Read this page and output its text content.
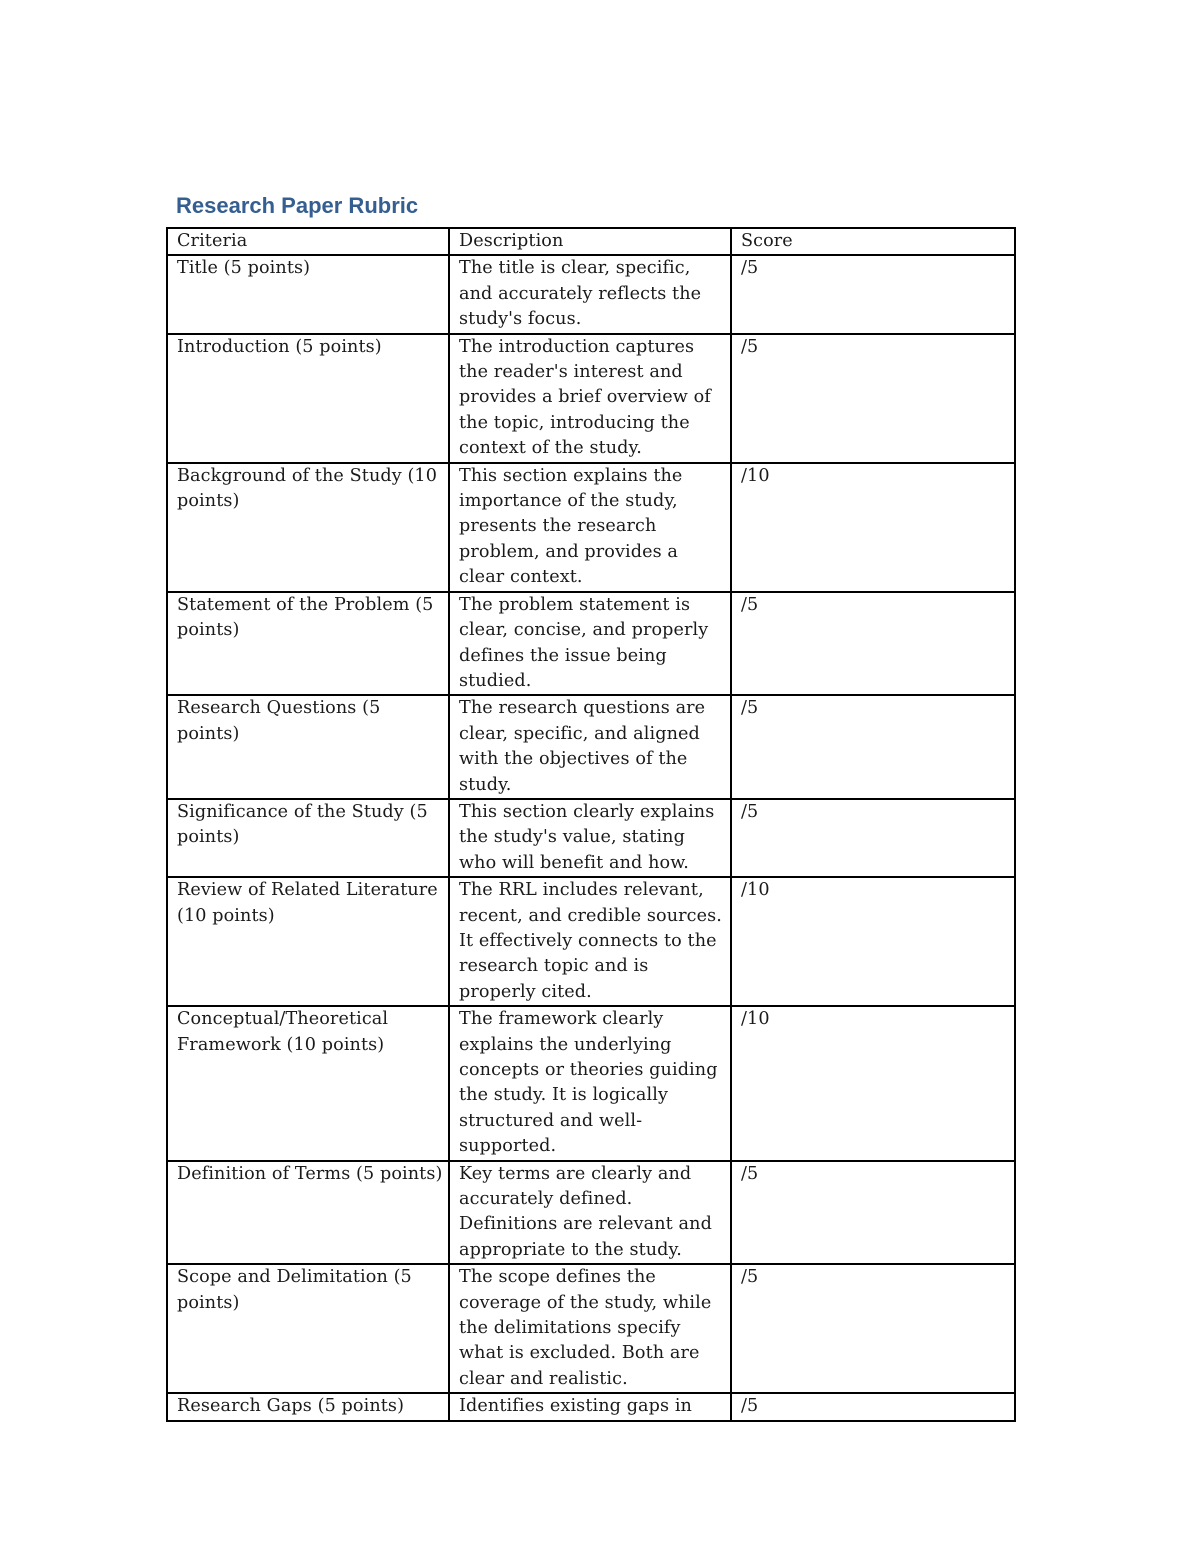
Research Paper Rubric
Criteria	Description	Score
Title (5 points)	The title is clear, specific, and accurately reflects the study's focus.	/5
Introduction (5 points)	The introduction captures the reader's interest and provides a brief overview of the topic, introducing the context of the study.	/5
Background of the Study (10 points)	This section explains the importance of the study, presents the research problem, and provides a clear context.	/10
Statement of the Problem (5 points)	The problem statement is clear, concise, and properly defines the issue being studied.	/5
Research Questions (5 points)	The research questions are clear, specific, and aligned with the objectives of the study.	/5
Significance of the Study (5 points)	This section clearly explains the study's value, stating who will benefit and how.	/5
Review of Related Literature (10 points)	The RRL includes relevant, recent, and credible sources. It effectively connects to the research topic and is properly cited.	/10
Conceptual/Theoretical Framework (10 points)	The framework clearly explains the underlying concepts or theories guiding the study. It is logically structured and well-supported.	/10
Definition of Terms (5 points)	Key terms are clearly and accurately defined. Definitions are relevant and appropriate to the study.	/5
Scope and Delimitation (5 points)	The scope defines the coverage of the study, while the delimitations specify what is excluded. Both are clear and realistic.	/5
Research Gaps (5 points)	Identifies existing gaps in	/5
